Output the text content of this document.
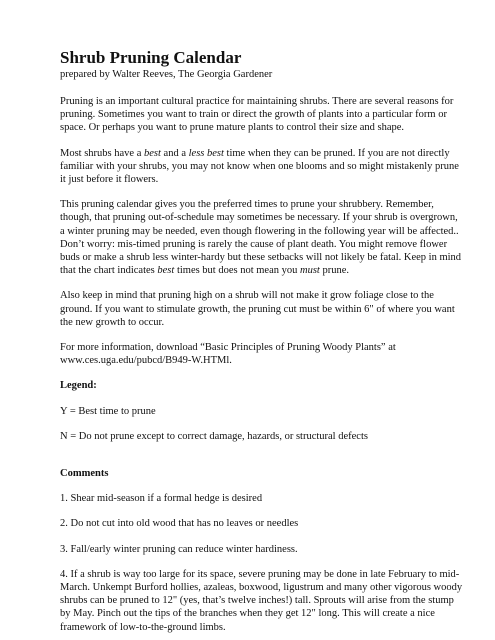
Shrub Pruning Calendar
prepared by Walter Reeves, The Georgia Gardener

Pruning is an important cultural practice for maintaining shrubs. There are several reasons for pruning. Sometimes you want to train or direct the growth of plants into a particular form or space. Or perhaps you want to prune mature plants to control their size and shape.

Most shrubs have a best and a less best time when they can be pruned. If you are not directly familiar with your shrubs, you may not know when one blooms and so might mistakenly prune it just before it flowers.

This pruning calendar gives you the preferred times to prune your shrubbery. Remember, though, that pruning out-of-schedule may sometimes be necessary. If your shrub is overgrown, a winter pruning may be needed, even though flowering in the following year will be affected.. Don’t worry: mis-timed pruning is rarely the cause of plant death. You might remove flower buds or make a shrub less winter-hardy but these setbacks will not likely be fatal. Keep in mind that the chart indicates best times but does not mean you must prune.

Also keep in mind that pruning high on a shrub will not make it grow foliage close to the ground. If you want to stimulate growth, the pruning cut must be within 6" of where you want the new growth to occur.

For more information, download “Basic Principles of Pruning Woody Plants” at www.ces.uga.edu/pubcd/B949-W.HTMl.

Legend:

Y = Best time to prune

N = Do not prune except to correct damage, hazards, or structural defects

Comments

1. Shear mid-season if a formal hedge is desired

2. Do not cut into old wood that has no leaves or needles

3. Fall/early winter pruning can reduce winter hardiness.

4. If a shrub is way too large for its space, severe pruning may be done in late February to mid-March. Unkempt Burford hollies, azaleas, boxwood, ligustrum and many other vigorous woody shrubs can be pruned to 12" (yes, that’s twelve inches!) tall. Sprouts will arise from the stump by May. Pinch out the tips of the branches when they get 12" long. This will create a nice framework of low-to-the-ground limbs.
